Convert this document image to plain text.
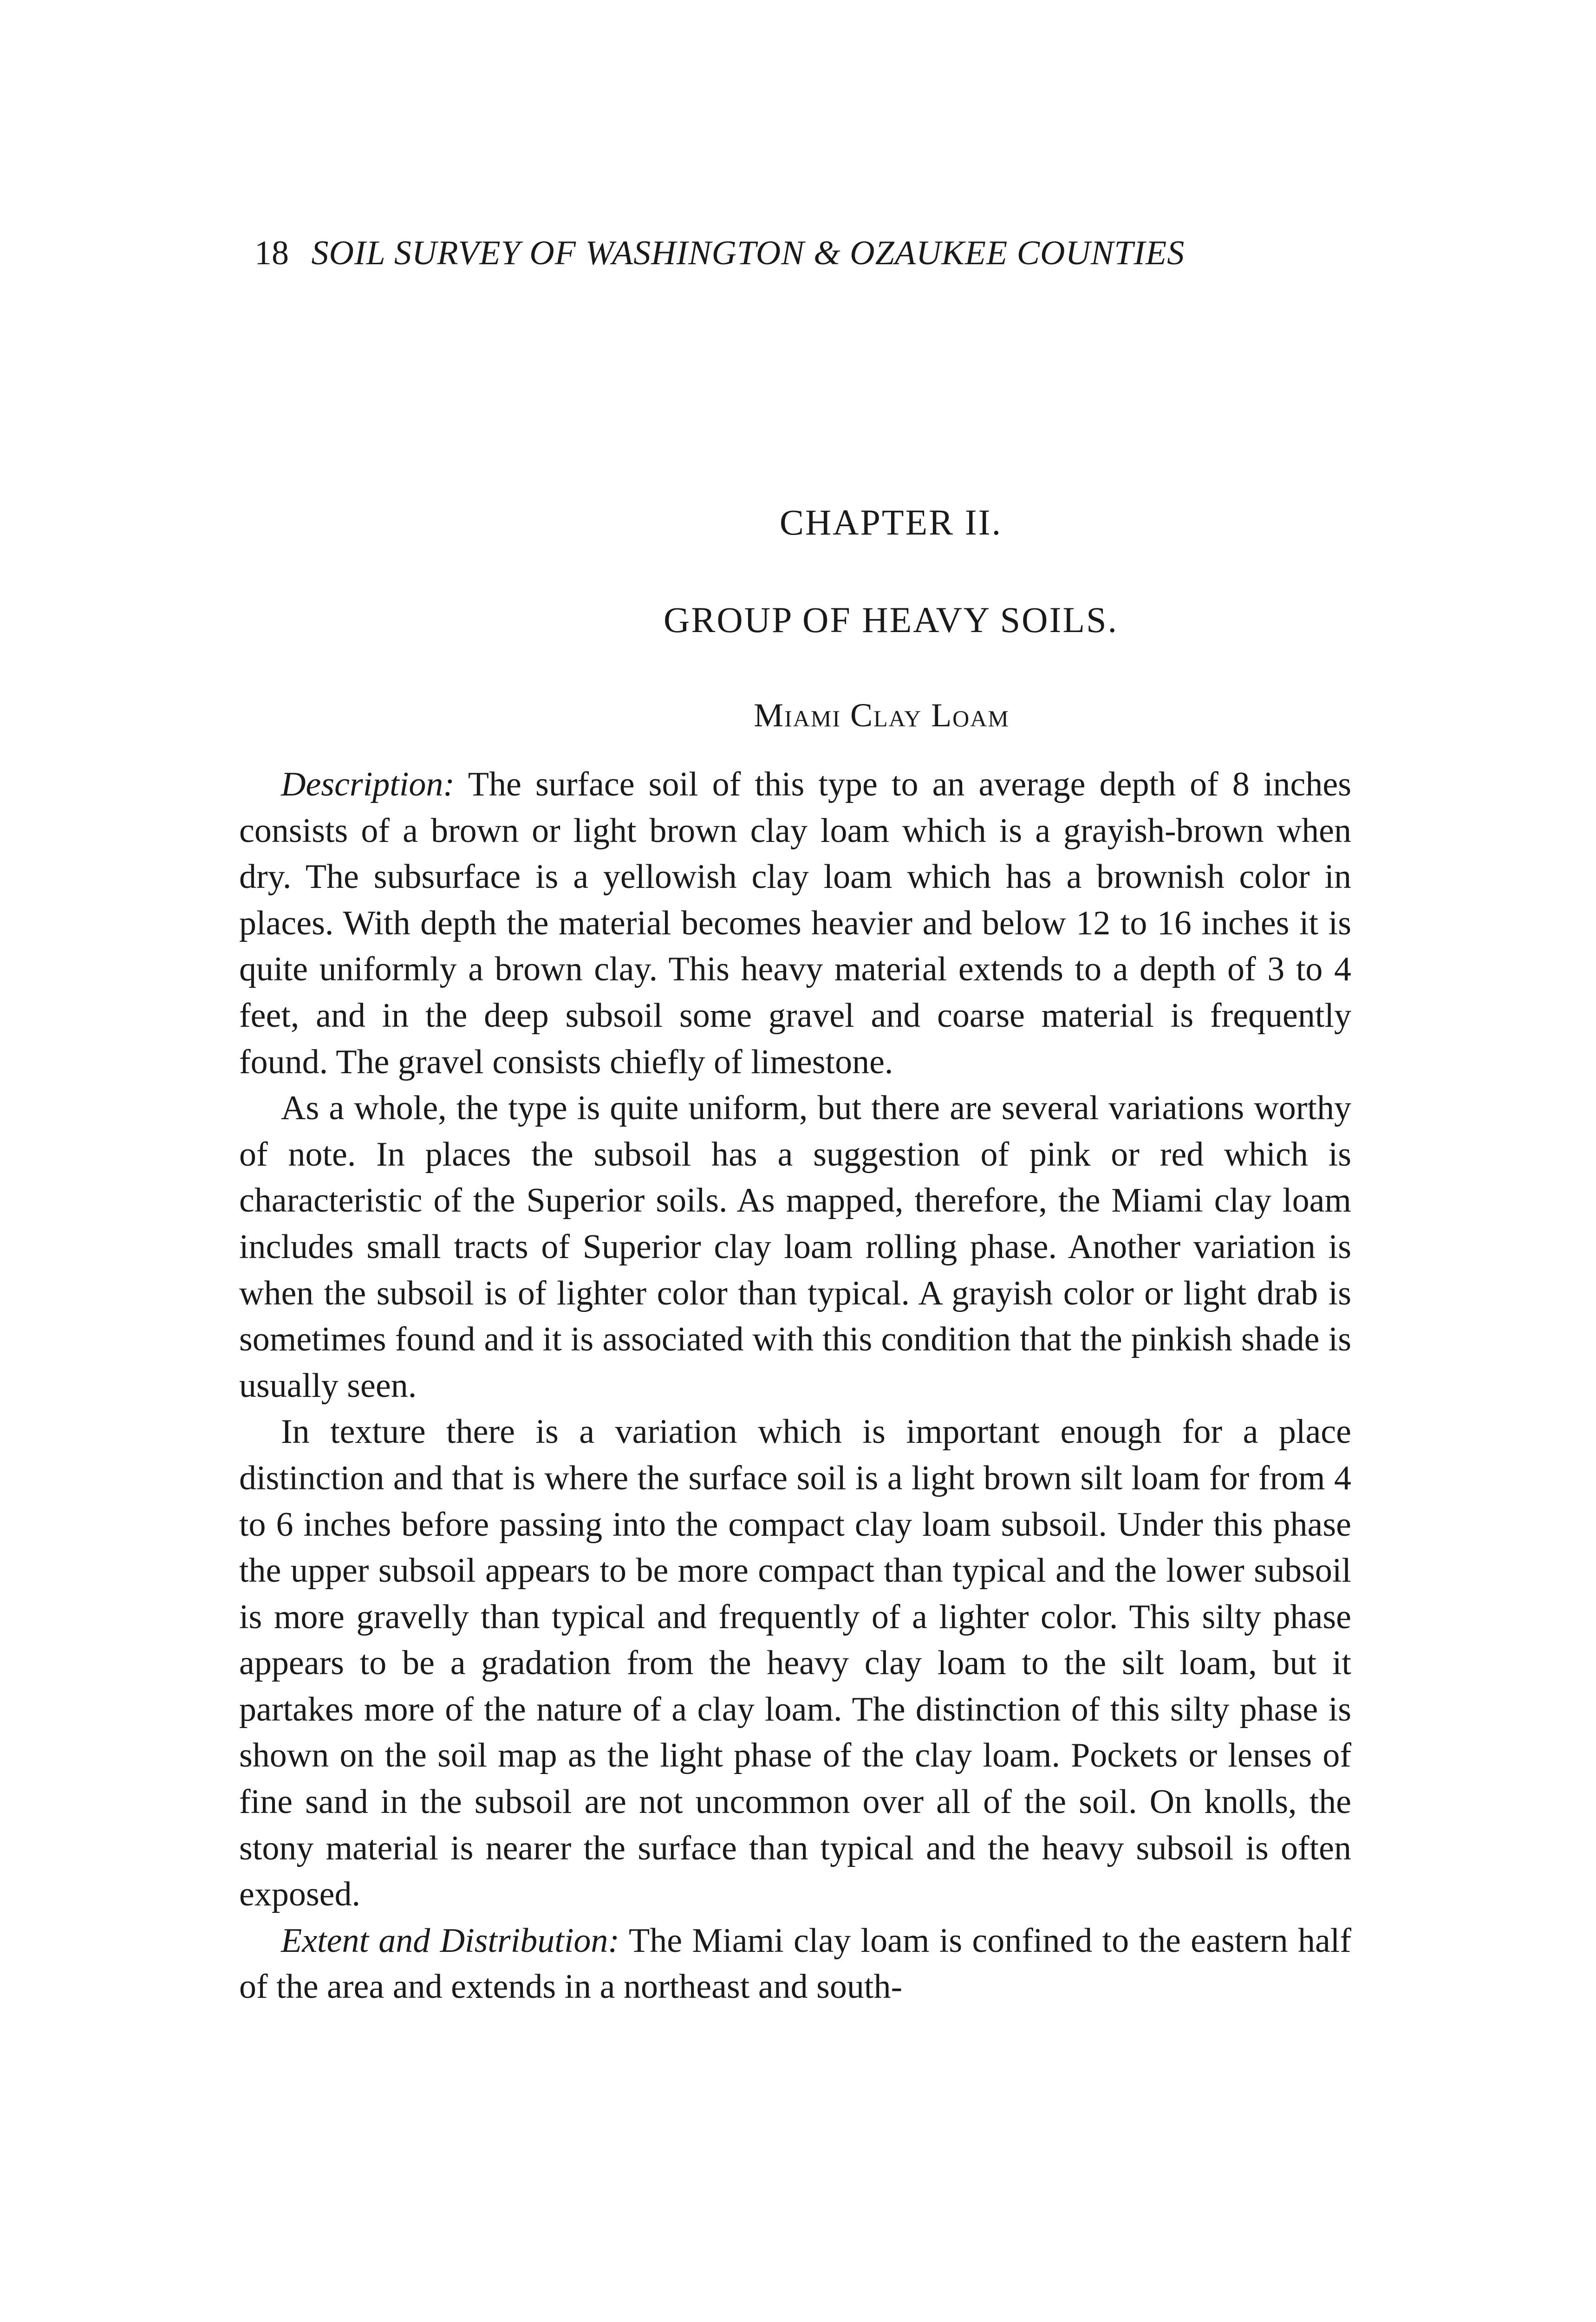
18 SOIL SURVEY OF WASHINGTON & OZAUKEE COUNTIES
CHAPTER II.
GROUP OF HEAVY SOILS.
Miami Clay Loam

Description: The surface soil of this type to an average depth of 8 inches consists of a brown or light brown clay loam which is a grayish-brown when dry. The subsurface is a yellowish clay loam which has a brownish color in places. With depth the material becomes heavier and below 12 to 16 inches it is quite uniformly a brown clay. This heavy material extends to a depth of 3 to 4 feet, and in the deep subsoil some gravel and coarse material is frequently found. The gravel consists chiefly of limestone.

As a whole, the type is quite uniform, but there are several variations worthy of note. In places the subsoil has a suggestion of pink or red which is characteristic of the Superior soils. As mapped, therefore, the Miami clay loam includes small tracts of Superior clay loam rolling phase. Another variation is when the subsoil is of lighter color than typical. A grayish color or light drab is sometimes found and it is associated with this condition that the pinkish shade is usually seen.

In texture there is a variation which is important enough for a place distinction and that is where the surface soil is a light brown silt loam for from 4 to 6 inches before passing into the compact clay loam subsoil. Under this phase the upper subsoil appears to be more compact than typical and the lower subsoil is more gravelly than typical and frequently of a lighter color. This silty phase appears to be a gradation from the heavy clay loam to the silt loam, but it partakes more of the nature of a clay loam. The distinction of this silty phase is shown on the soil map as the light phase of the clay loam. Pockets or lenses of fine sand in the subsoil are not uncommon over all of the soil. On knolls, the stony material is nearer the surface than typical and the heavy subsoil is often exposed.

Extent and Distribution: The Miami clay loam is confined to the eastern half of the area and extends in a northeast and south-
